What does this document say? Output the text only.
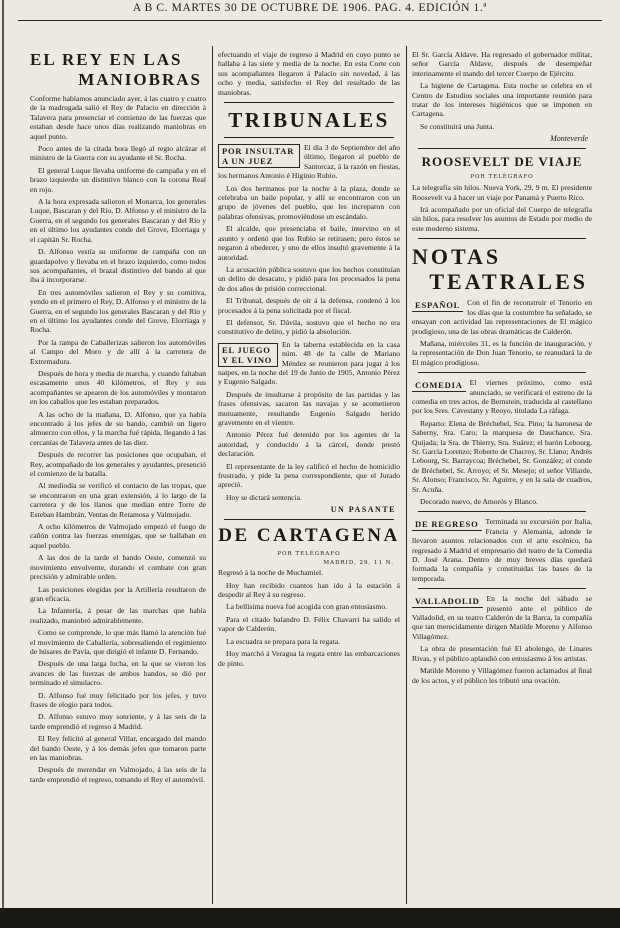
A B C. MARTES 30 DE OCTUBRE DE 1906. PAG. 4. EDICIÓN 1.ª
EL REY EN LAS
MANIOBRAS

Conforme habíamos anunciado ayer, á las cuatro y cuatro de la madrugada salió el Rey de Palacio en dirección á Talavera para presenciar el comienzo de las fuerzas que estaban desde hace unos días realizando maniobras en aquel punto.

Poco antes de la citada hora llegó al regio alcázar el ministro de la Guerra con su ayudante el Sr. Rocha.

El general Luque llevaba uniforme de campaña y en el brazo izquierdo un distintivo blanco con la corona Real en rojo.

A la hora expresada salieron el Monarca, los generales Luque, Bascaran y del Río, D. Alfonso y el ministro de la Guerra, en el segundo los generales Bascaran y del Río y en el último los ayudantes conde del Grove, Elorriaga y el capitán Sr. Rocha.

D. Alfonso vestía su uniforme de campaña con un guardapolvo y llevaba en el brazo izquierdo, como todos sus acompañantes, el brazal distintivo del bando al que iba á incorporarse.

En tres automóviles salieron el Rey y su comitiva, yendo en el primero el Rey, D. Alfonso y el ministro de la Guerra, en el segundo los generales Bascaran y del Río y en el último los ayudantes conde del Grove, Elorriaga y Rocha.

Por la rampa de Caballerizas salieron los automóviles al Campo del Moro y de allí á la carretera de Extremadura.

Después de hora y media de marcha, y cuando faltaban escasamente unos 40 kilómetros, el Rey y sus acompañantes se apearon de los automóviles y montaron en los caballos que les estaban preparados.

A las ocho de la mañana, D. Alfonso, que ya había encontrado á los jefes de su bando, cambió un ligero almuerzo con ellos, y la marcha fué rápida, llegando á las cercanías de Talavera antes de las diez.

Después de recorrer las posiciones que ocupaban, el Rey, acompañado de los generales y ayudantes, presenció el comienzo de la batalla.

Al mediodía se verificó el contacto de las tropas, que se encontraron en una gran extensión, á lo largo de la carretera y de los llanos que median entre Torre de Esteban Hambrán, Ventas de Retamosa y Valmojado.

A ocho kilómetros de Valmojado empezó el fuego de cañón contra las fuerzas enemigas, que se hallaban en aquel pueblo.

A las dos de la tarde el bando Oeste, comenzó su movimiento envolvente, durando el combate con gran precisión y admirable orden.

Las posiciones elegidas por la Artillería resultaron de gran eficacia.

La Infantería, á pesar de las marchas que había realizado, maniobró admirablemente.

Como se comprende, lo que más llamó la atención fué el movimiento de Caballería, sobresaliendo el regimiento de húsares de Pavía, que dirigió el infante D. Fernando.

Después de una larga lucha, en la que se vieron los avances de las fuerzas de ambos bandos, se dió por terminado el simulacro.

D. Alfonso fué muy felicitado por los jefes, y tuvo frases de elogio para todos.

D. Alfonso estuvo muy sonriente, y á las seis de la tarde emprendió el regreso á Madrid.

El Rey felicitó al general Villar, encargado del mando del bando Oeste, y á los demás jefes que tomaron parte en las maniobras.

Después de merendar en Valmojado, á las seis de la tarde emprendió el regreso, tomando el Rey el automóvil.

efectuando el viaje de regreso á Madrid en cuyo punto se hallaba á las siete y media de la noche. En esta Corte con sus acompañantes llegaron á Palacio sin novedad, á las ocho y media, satisfecho el Rey del resultado de las maniobras.

TRIBUNALES
POR INSULTAR A UN JUEZ

El día 3 de Septiembre del año último, llegaron al pueblo de Santorcaz, á la razón en fiestas, los hermanos Antonio é Higinio Rubio.

Los dos hermanos por la noche á la plaza, donde se celebraba un baile popular, y allí se encontraron con un grupo de jóvenes del pueblo, que les increparon con palabras ofensivas, promoviéndose un escándalo.

El alcalde, que presenciaba el baile, intervino en el asunto y ordenó que los Rubio se retirasen; pero éstos se negaron á obedecer, y uno de ellos insultó gravemente á la autoridad.

La acusación pública sostuvo que los hechos constituían un delito de desacato, y pidió para los procesados la pena de dos años de prisión correccional.

El Tribunal, después de oír á la defensa, condenó á los procesados á la pena solicitada por el fiscal.

El defensor, Sr. Dávila, sostuvo que el hecho no era constitutivo de delito, y pidió la absolución.

EL JUEGO Y EL VINO

En la taberna establecida en la casa núm. 48 de la calle de Mariano Méndez se reunieron para jugar á los naipes, en la noche del 19 de Junio de 1905, Antonio Pérez y Eugenio Salgado.

Después de insultarse á propósito de las partidas y las frases ofensivas, sacaron las navajas y se acometieron mutuamente, resultando Eugenio Salgado herido gravemente en el vientre.

Antonio Pérez fué detenido por los agentes de la autoridad, y conducido á la cárcel, donde prestó declaración.

El representante de la ley calificó el hecho de homicidio frustrado, y pide la pena correspondiente, que el Jurado apreció.

Hoy se dictará sentencia.

UN PASANTE
DE CARTAGENA
POR TELÉGRAFO
MADRID, 29, 11 N.

Regresó á la noche de Muchamiel.

Hoy han recibido cuantos han ido á la estación á despedir al Rey á su regreso.

La bellísima nueva fué acogida con gran entusiasmo.

Para el citado balandro D. Félix Chavarri ha salido el vapor de Calderón.

La escuadra se prepara para la regata.

Hoy marchó á Veragua la regata entre las embarcaciones de pinto.

El Sr. García Aldave. Ha regresado el gobernador militar, señor García Aldave, después de desempeñar interinamente el mando del tercer Cuerpo de Ejército.

La higiene de Cartagena. Esta noche se celebra en el Centro de Estudios sociales una importante reunión para tratar de los intereses higiénicos que se imponen en Cartagena.

Se constituirá una Junta.

Monteverde
ROOSEVELT DE VIAJE
POR TELÉGRAFO

La telegrafía sin hilos. Nueva York, 29, 9 m. El presidente Roosevelt va á hacer un viaje por Panamá y Puerto Rico.

Irá acompañado por un oficial del Cuerpo de telegrafía sin hilos, para resolver los asuntos de Estado por medio de este moderno sistema.

NOTAS
TEATRALES
ESPAÑOL Con el fin de reconstruir el Tenorio en los días que la costumbre ha señalado, se ensayan con actividad las representaciones de El mágico prodigioso, una de las obras dramáticas de Calderón.

Mañana, miércoles 31, es la función de inauguración, y la representación de Don Juan Tenorio, se reanudará la de El mágico prodigioso.

COMEDIA El viernes próximo, como está anunciado, se verificará el estreno de la comedia en tres actos, de Bernstein, traducida al castellano por los Sres. Cavestany y Reoyo, titulada La ráfaga.

Reparto: Elena de Bréchebel, Sra. Pino; la baronesa de Saberny, Sra. Caro; la marquesa de Dauchance, Sra. Quijada; la Sra. de Thierry, Sra. Suárez; el barón Lebourg, Sr. García Lorenzo; Roberto de Chacroy, Sr. Llano; Andrés Lebourg, Sr. Barraycoa; Bréchebel, Sr. González; el conde de Bréchebel, Sr. Arroyo; el Sr. Mesejo; el señor Villarde, Sr. Alonso; Francisco, Sr. Aguirre, y en la sala de cuadros, Sr. Acuña.

Decorado nuevo, de Amorós y Blanco.

DE REGRESO Terminada su excursión por Italia, Francia y Alemania, adonde le llevaron asuntos relacionados con el arte escénico, ha regresado á Madrid el empresario del teatro de la Comedia D. José Arana. Dentro de muy breves días quedará formada la compañía y constituidas las bases de la temporada.

VALLADOLID En la noche del sábado se presentó ante el público de Valladolid, en su teatro Calderón de la Barca, la compañía que tan merecidamente dirigen Matilde Moreno y Alfonso Villagómez.

La obra de presentación fué El abolengo, de Linares Rivas, y el público aplaudió con entusiasmo á los artistas.

Matilde Moreno y Villagómez fueron aclamados al final de los actos, y el público les tributó una ovación.
